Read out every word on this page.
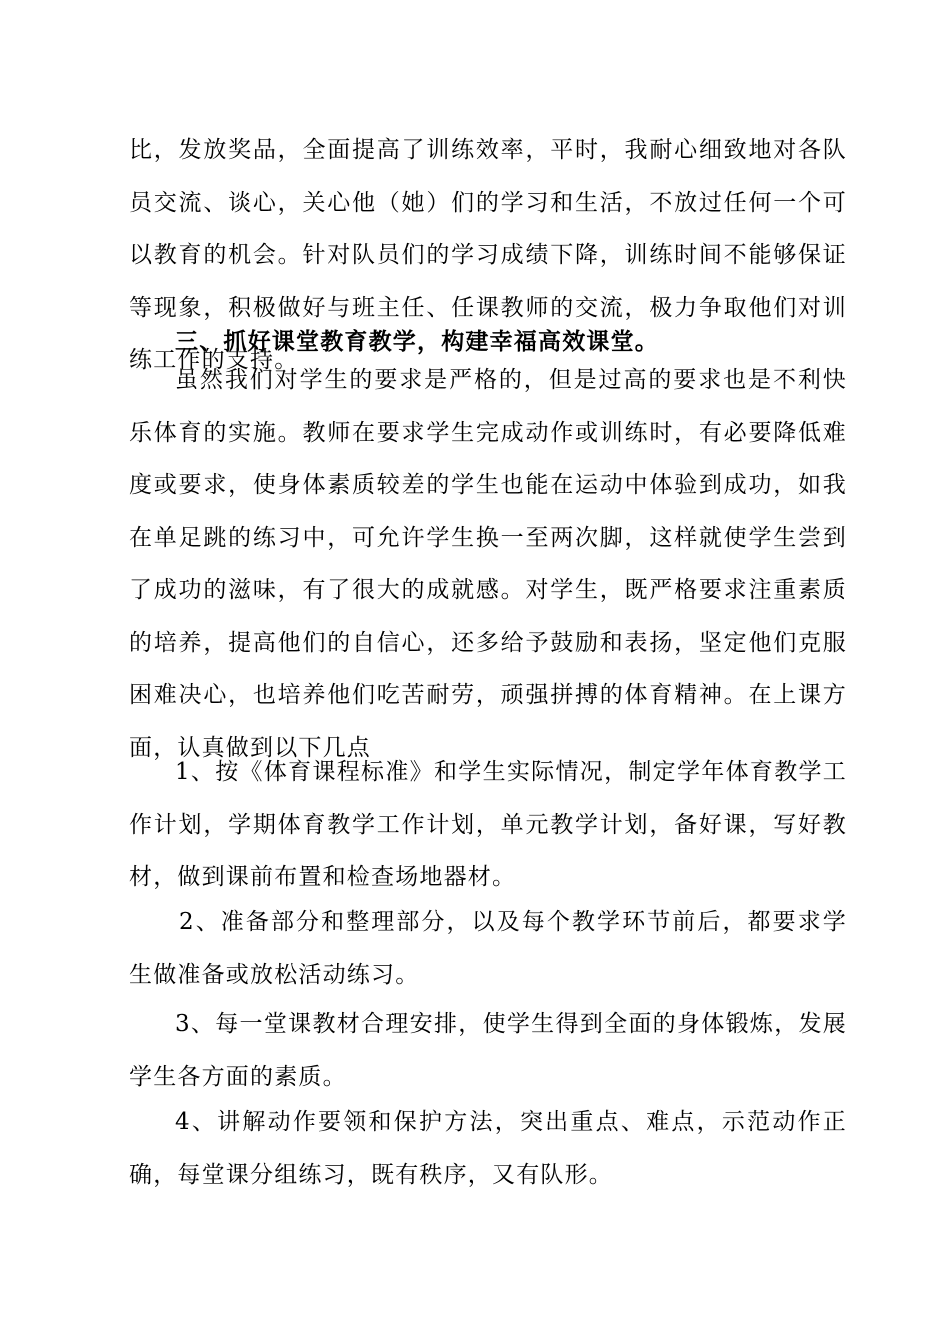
比，发放奖品，全面提高了训练效率，平时，我耐心细致地对各队员交流、谈心，关心他（她）们的学习和生活，不放过任何一个可以教育的机会。针对队员们的学习成绩下降，训练时间不能够保证等现象，积极做好与班主任、任课教师的交流，极力争取他们对训练工作的支持。

三、抓好课堂教育教学，构建幸福高效课堂。

虽然我们对学生的要求是严格的，但是过高的要求也是不利快乐体育的实施。教师在要求学生完成动作或训练时，有必要降低难度或要求，使身体素质较差的学生也能在运动中体验到成功，如我在单足跳的练习中，可允许学生换一至两次脚，这样就使学生尝到了成功的滋味，有了很大的成就感。对学生，既严格要求注重素质的培养，提高他们的自信心，还多给予鼓励和表扬，坚定他们克服困难决心，也培养他们吃苦耐劳，顽强拼搏的体育精神。在上课方面，认真做到以下几点

1、按《体育课程标准》和学生实际情况，制定学年体育教学工作计划，学期体育教学工作计划，单元教学计划，备好课，写好教材，做到课前布置和检查场地器材。

2、准备部分和整理部分，以及每个教学环节前后，都要求学生做准备或放松活动练习。

3、每一堂课教材合理安排，使学生得到全面的身体锻炼，发展学生各方面的素质。

4、讲解动作要领和保护方法，突出重点、难点，示范动作正确，每堂课分组练习，既有秩序，又有队形。
